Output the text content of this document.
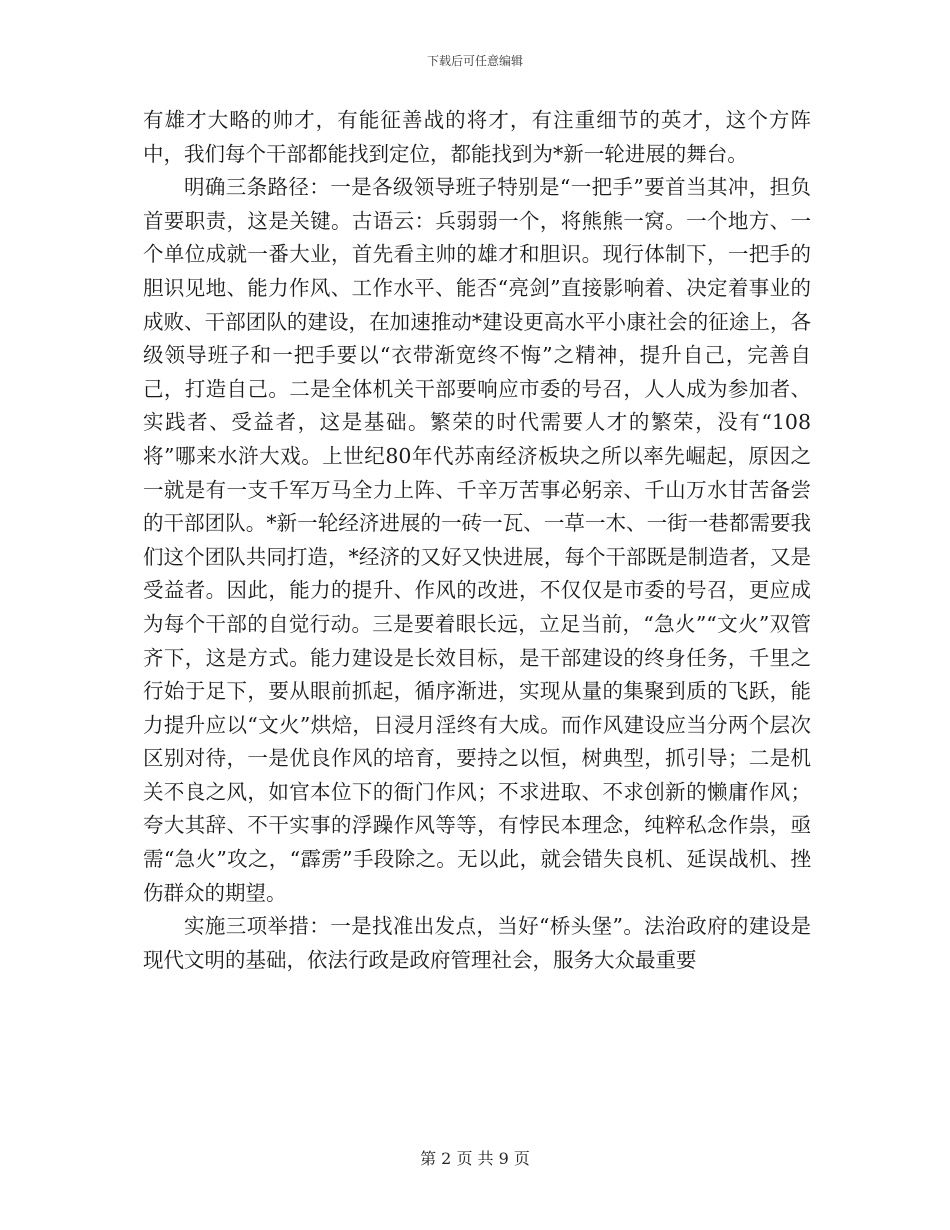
下载后可任意编辑

有雄才大略的帅才，有能征善战的将才，有注重细节的英才，这个方阵中，我们每个干部都能找到定位，都能找到为*新一轮进展的舞台。

明确三条路径：一是各级领导班子特别是“一把手”要首当其冲，担负首要职责，这是关键。古语云：兵弱弱一个，将熊熊一窝。一个地方、一个单位成就一番大业，首先看主帅的雄才和胆识。现行体制下，一把手的胆识见地、能力作风、工作水平、能否“亮剑”直接影响着、决定着事业的成败、干部团队的建设，在加速推动*建设更高水平小康社会的征途上，各级领导班子和一把手要以“衣带渐宽终不悔”之精神，提升自己，完善自己，打造自己。二是全体机关干部要响应市委的号召，人人成为参加者、实践者、受益者，这是基础。繁荣的时代需要人才的繁荣，没有“108将”哪来水浒大戏。上世纪80年代苏南经济板块之所以率先崛起，原因之一就是有一支千军万马全力上阵、千辛万苦事必躬亲、千山万水甘苦备尝的干部团队。*新一轮经济进展的一砖一瓦、一草一木、一街一巷都需要我们这个团队共同打造，*经济的又好又快进展，每个干部既是制造者，又是受益者。因此，能力的提升、作风的改进，不仅仅是市委的号召，更应成为每个干部的自觉行动。三是要着眼长远，立足当前，“急火”“文火”双管齐下，这是方式。能力建设是长效目标，是干部建设的终身任务，千里之行始于足下，要从眼前抓起，循序渐进，实现从量的集聚到质的飞跃，能力提升应以“文火”烘焙，日浸月淫终有大成。而作风建设应当分两个层次区别对待，一是优良作风的培育，要持之以恒，树典型，抓引导；二是机关不良之风，如官本位下的衙门作风；不求进取、不求创新的懒庸作风；夸大其辞、不干实事的浮躁作风等等，有悖民本理念，纯粹私念作祟，亟需“急火”攻之，“霹雳”手段除之。无以此，就会错失良机、延误战机、挫伤群众的期望。

实施三项举措：一是找准出发点，当好“桥头堡”。法治政府的建设是现代文明的基础，依法行政是政府管理社会，服务大众最重要

第 2 页 共 9 页
